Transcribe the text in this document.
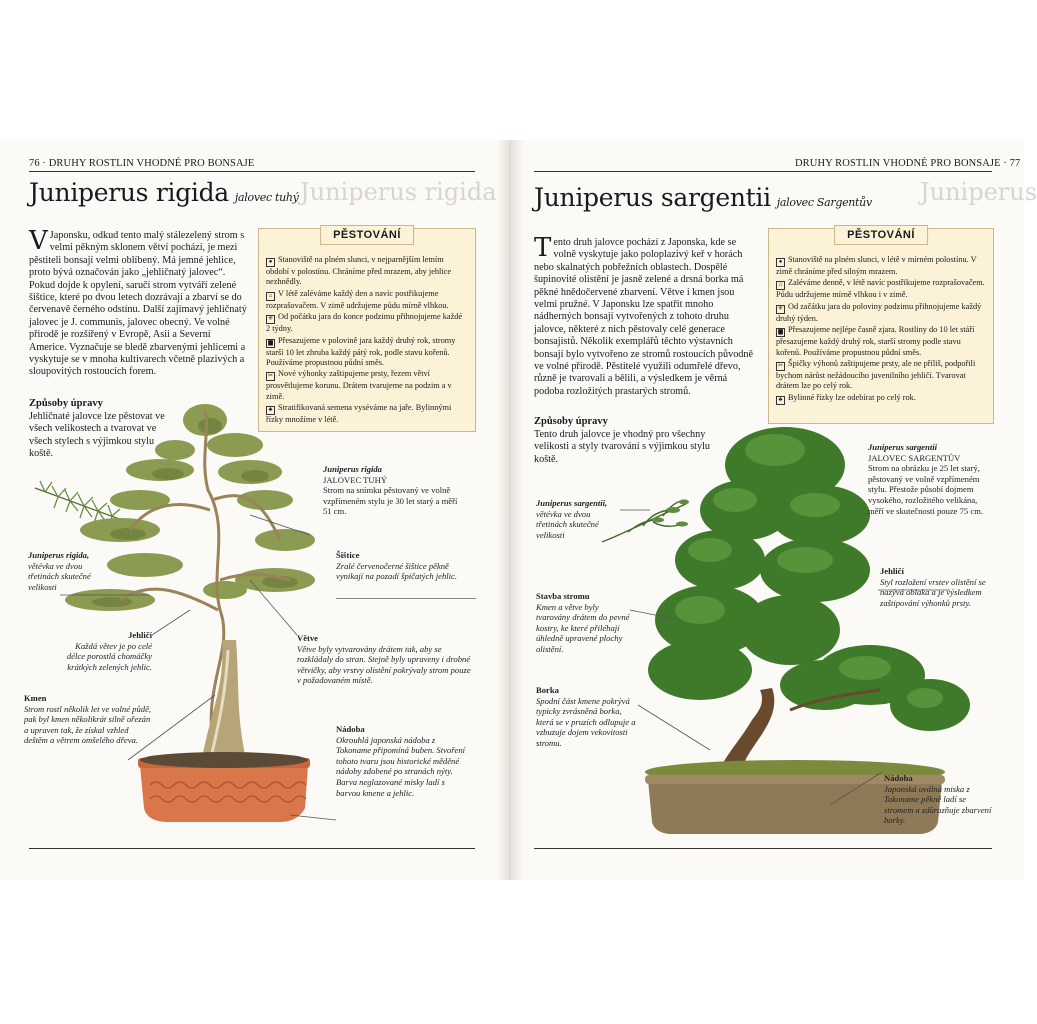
76 · DRUHY ROSTLIN VHODNÉ PRO BONSAJE
Juniperus rigida
Juniperus rigida jalovec tuhý
V Japonsku, odkud tento malý stálezelený strom s velmi pěkným sklonem větví pochází, je mezi pěstiteli bonsají velmi oblíbený. Má jemné jehlice, proto bývá označován jako „jehličnatý jalovec“. Pokud dojde k opylení, saručí strom vytváří zelené šištice, které po dvou letech dozrávají a zbarví se do červenavě černého odstínu. Další zajímavý jehličnatý jalovec je J. communis, jalovec obecný. Ve volné přírodě je rozšířený v Evropě, Asii a Severní Americe. Vyznačuje se bledě zbarvenými jehlicemi a vyskytuje se v mnoha kultivarech včetně plazivých a sloupovitých rostoucích forem.
Způsoby úpravy
Jehličnaté jalovce lze pěstovat ve všech velikostech a tvarovat ve všech stylech s výjimkou stylu koště.
PĚSTOVÁNÍ
● Stanoviště na plném slunci, v nejparnějším letním období v polostínu. Chráníme před mrazem, aby jehlice nezhnědly.
⌂ V létě zaléváme každý den a navíc postřikujeme rozprašovačem. V zimě udržujeme půdu mírně vlhkou.
✳ Od počátku jara do konce podzimu přihnojujeme každé 2 týdny.
▆ Přesazujeme v polovině jara každý druhý rok, stromy starší 10 let zhruba každý pátý rok, podle stavu kořenů. Používáme propustnou půdní směs.
✂ Nové výhonky zaštipujeme prsty, řezem větví prosvětlujeme korunu. Drátem tvarujeme na podzim a v zimě.
♣ Stratifikovaná semena vyséváme na jaře. Bylinnými řízky množíme v létě.
Juniperus rigida,
větévka ve dvou třetinách skutečné velikosti
Juniperus rigida
JALOVEC TUHÝ
Strom na snímku pěstovaný ve volně vzpřímeném stylu je 30 let starý a měří 51 cm.
Šištice
Zralé červenočerné šištice pěkně vynikají na pozadí špičatých jehlic.
Jehličí
Každá větev je po celé délce porostlá chomáčky krátkých zelených jehlic.
Větve
Větve byly vytvarovány drátem tak, aby se rozkládaly do stran. Stejně byly upraveny i drobné větvičky, aby vrstvy olistění pokrývaly strom pouze v požadovaném místě.
Kmen
Strom rostl několik let ve volné půdě, pak byl kmen několikrát silně ořezán a upraven tak, že získal vzhled deštěm a větrem omšelého dřeva.
Nádoba
Okrouhlá japonská nádoba z Tokoname připomíná buben. Stvoření tohoto tvaru jsou historické měděné nádoby zdobené po stranách nýty. Barva neglazované misky ladí s barvou kmene a jehlic.
DRUHY ROSTLIN VHODNÉ PRO BONSAJE · 77
Juniperus
Juniperus sargentii jalovec Sargentův
Tento druh jalovce pochází z Japonska, kde se volně vyskytuje jako poloplazivý keř v horách nebo skalnatých pobřežních oblastech. Dospělé šupinovité olistění je jasně zelené a drsná borka má pěkné hnědočervené zbarvení. Větve i kmen jsou velmi pružné. V Japonsku lze spatřit mnoho nádherných bonsají vytvořených z tohoto druhu jalovce, některé z nich pěstovaly celé generace bonsajistů. Několik exemplářů těchto výstavních bonsají bylo vytvořeno ze stromů rostoucích původně ve volné přírodě. Pěstitelé využili odumřelé dřevo, různě je tvarovali a bělili, a výsledkem je věrná podoba rozložitých prastarých stromů.
Způsoby úpravy
Tento druh jalovce je vhodný pro všechny velikosti a styly tvarování s výjimkou stylu koště.
PĚSTOVÁNÍ
● Stanoviště na plném slunci, v létě v mírném polostínu. V zimě chráníme před silným mrazem.
⌂ Zaléváme denně, v létě navíc postřikujeme rozprašovačem. Půdu udržujeme mírně vlhkou i v zimě.
✳ Od začátku jara do poloviny podzimu přihnojujeme každý druhý týden.
▆ Přesazujeme nejlépe časně zjara. Rostliny do 10 let stáří přesazujeme každý druhý rok, starší stromy podle stavu kořenů. Používáme propustnou půdní směs.
✂ Špičky výhonů zaštipujeme prsty, ale ne příliš, podpořili bychom nárůst nežádoucího juvenilního jehličí. Tvarovat drátem lze po celý rok.
♣ Bylinné řízky lze odebírat po celý rok.
Juniperus sargentii
JALOVEC SARGENTŮV
Strom na obrázku je 25 let starý, pěstovaný ve volně vzpřímeném stylu. Přestože působí dojmem vysokého, rozložitého velikána, měří ve skutečnosti pouze 75 cm.
Juniperus sargentii,
větévka ve dvou třetinách skutečné velikosti
Jehličí
Styl rozložení vrstev olistění se nazývá oblaka a je výsledkem zaštipování výhonků prsty.
Stavba stromu
Kmen a větve byly tvarovány drátem do pevné kostry, ke které přiléhají úhledně upravené plochy olistění.
Borka
Spodní část kmene pokrývá typicky zvrásněná borka, která se v pruzích odlupuje a vzbuzuje dojem vekovitosti stromu.
Nádoba
Japonská oválná miska z Tokoname pěkně ladí se stromem a zdůrazňuje zbarvení borky.
